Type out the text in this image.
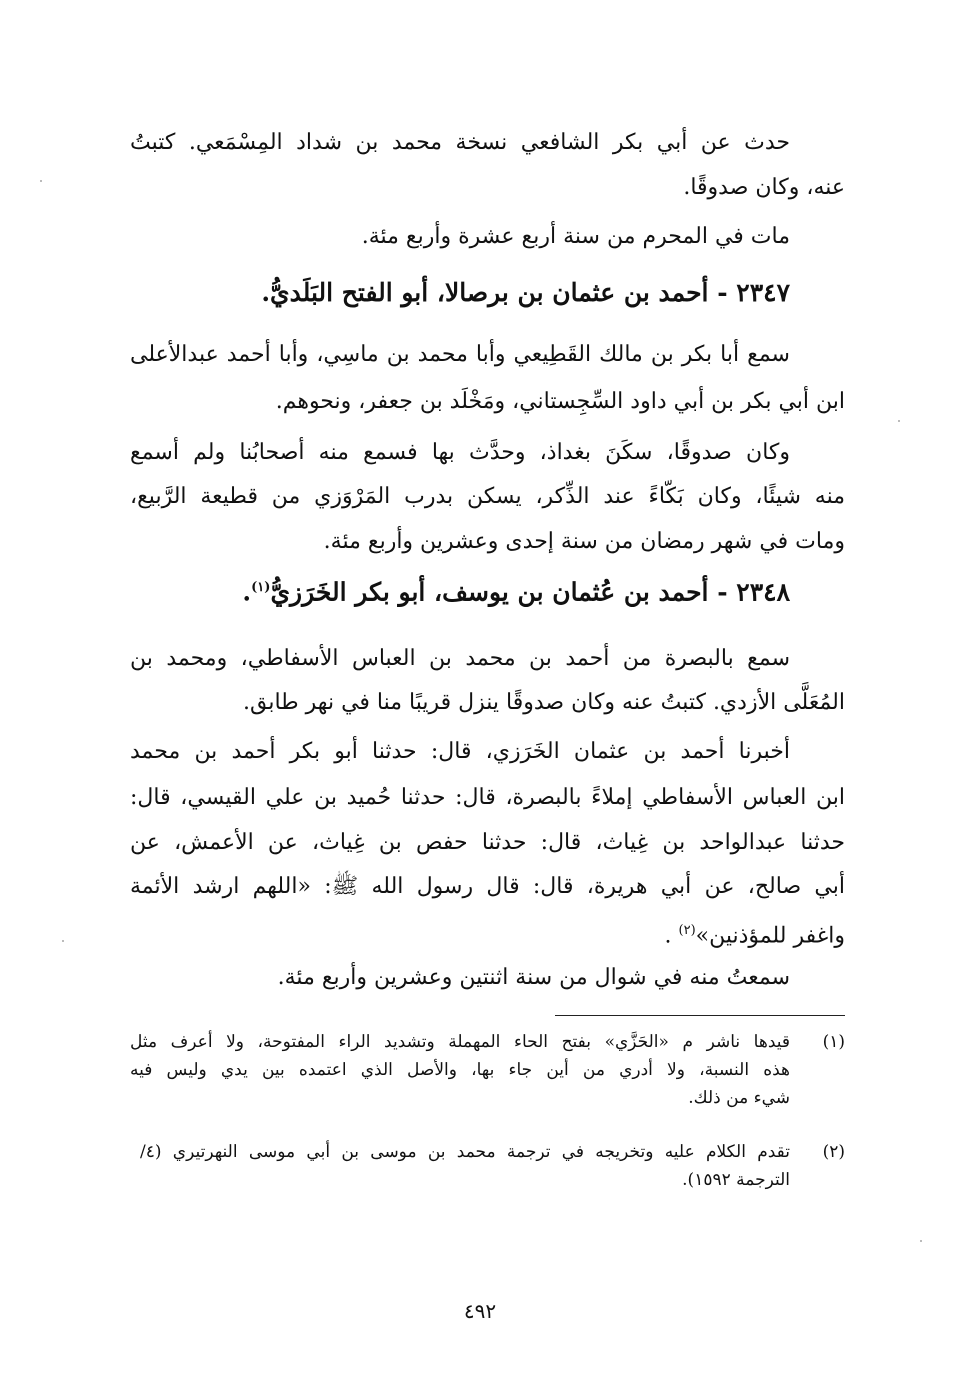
حدث عن أبي بكر الشافعي نسخة محمد بن شداد المِسْمَعي. كتبتُ
عنه، وكان صدوقًا.
مات في المحرم من سنة أربع عشرة وأربع مئة.
٢٣٤٧ - أحمد بن عثمان بن برصالا، أبو الفتح البَلَديُّ.
سمع أبا بكر بن مالك القَطِيعي وأبا محمد بن ماسِي، وأبا أحمد عبدالأعلى
ابن أبي بكر بن أبي داود السِّجِستاني، ومَخْلَد بن جعفر، ونحوهم.
وكان صدوقًا، سكَنَ بغداذ، وحدَّث بها فسمع منه أصحابُنا ولم أسمع
منه شيئًا، وكان بَكّاءً عند الذِّكر، يسكن بدرب المَرْوَزي من قطيعة الرَّبيع،
ومات في شهر رمضان من سنة إحدى وعشرين وأربع مئة.
٢٣٤٨ - أحمد بن عُثمان بن يوسف، أبو بكر الخَرَزيُّ$^{(١)}$.
سمع بالبصرة من أحمد بن محمد بن العباس الأسفاطي، ومحمد بن
المُعَلَّى الأزدي. كتبتُ عنه وكان صدوقًا ينزل قريبًا منا في نهر طابق.
أخبرنا أحمد بن عثمان الخَرَزي، قال: حدثنا أبو بكر أحمد بن محمد
ابن العباس الأسفاطي إملاءً بالبصرة، قال: حدثنا حُميد بن علي القيسي، قال:
حدثنا عبدالواحد بن غِياث، قال: حدثنا حفص بن غِياث، عن الأعمش، عن
أبي صالح، عن أبي هريرة، قال: قال رسول الله ﷺ: «اللهم ارشد الأئمة
واغفر للمؤذنين»$^{(٢)}$ .
سمعتُ منه في شوال من سنة اثنتين وعشرين وأربع مئة.
(١)
قيدها ناشر م «الحَزَّي» بفتح الحاء المهملة وتشديد الراء المفتوحة، ولا أعرف مثل
هذه النسبة، ولا أدري من أين جاء بها، والأصل الذي اعتمده بين يدي وليس فيه
شيء من ذلك.
(٢)
تقدم الكلام عليه وتخريجه في ترجمة محمد بن موسى بن أبي موسى النهرتيري (٤/
الترجمة ١٥٩٢).
٤٩٢
